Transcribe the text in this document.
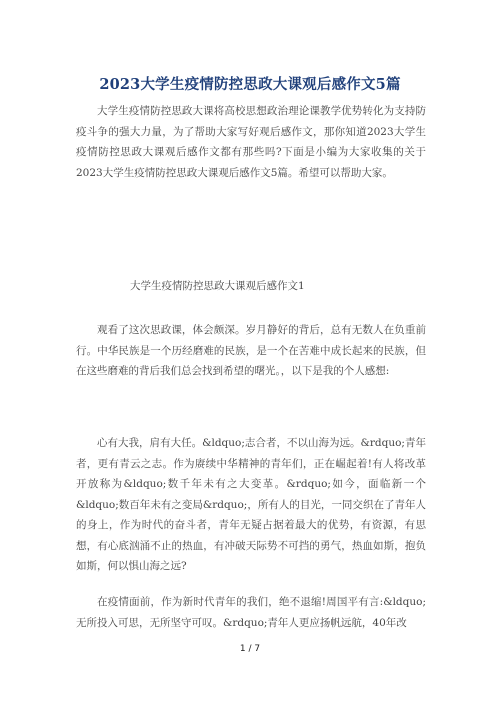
2023大学生疫情防控思政大课观后感作文5篇

大学生疫情防控思政大课将高校思想政治理论课教学优势转化为支持防疫斗争的强大力量，为了帮助大家写好观后感作文，那你知道2023大学生疫情防控思政大课观后感作文都有那些吗?下面是小编为大家收集的关于2023大学生疫情防控思政大课观后感作文5篇。希望可以帮助大家。

大学生疫情防控思政大课观后感作文1

观看了这次思政课，体会颇深。岁月静好的背后，总有无数人在负重前行。中华民族是一个历经磨难的民族，是一个在苦难中成长起来的民族，但在这些磨难的背后我们总会找到希望的曙光。，以下是我的个人感想:

心有大我，肩有大任。&ldquo;志合者，不以山海为远。&rdquo;青年者，更有青云之志。作为赓续中华精神的青年们，正在崛起着!有人将改革开放称为&ldquo;数千年未有之大变革。&rdquo;如今，面临新一个&ldquo;数百年未有之变局&rdquo;，所有人的目光，一同交织在了青年人的身上，作为时代的奋斗者，青年无疑占据着最大的优势，有资源，有思想，有心底汹涌不止的热血，有冲破天际势不可挡的勇气，热血如斯，抱负如斯，何以惧山海之远?

在疫情面前，作为新时代青年的我们，绝不退缩!周国平有言:&ldquo;无所投入可思，无所坚守可叹。&rdquo;青年人更应扬帆远航，40年改

1 / 7
